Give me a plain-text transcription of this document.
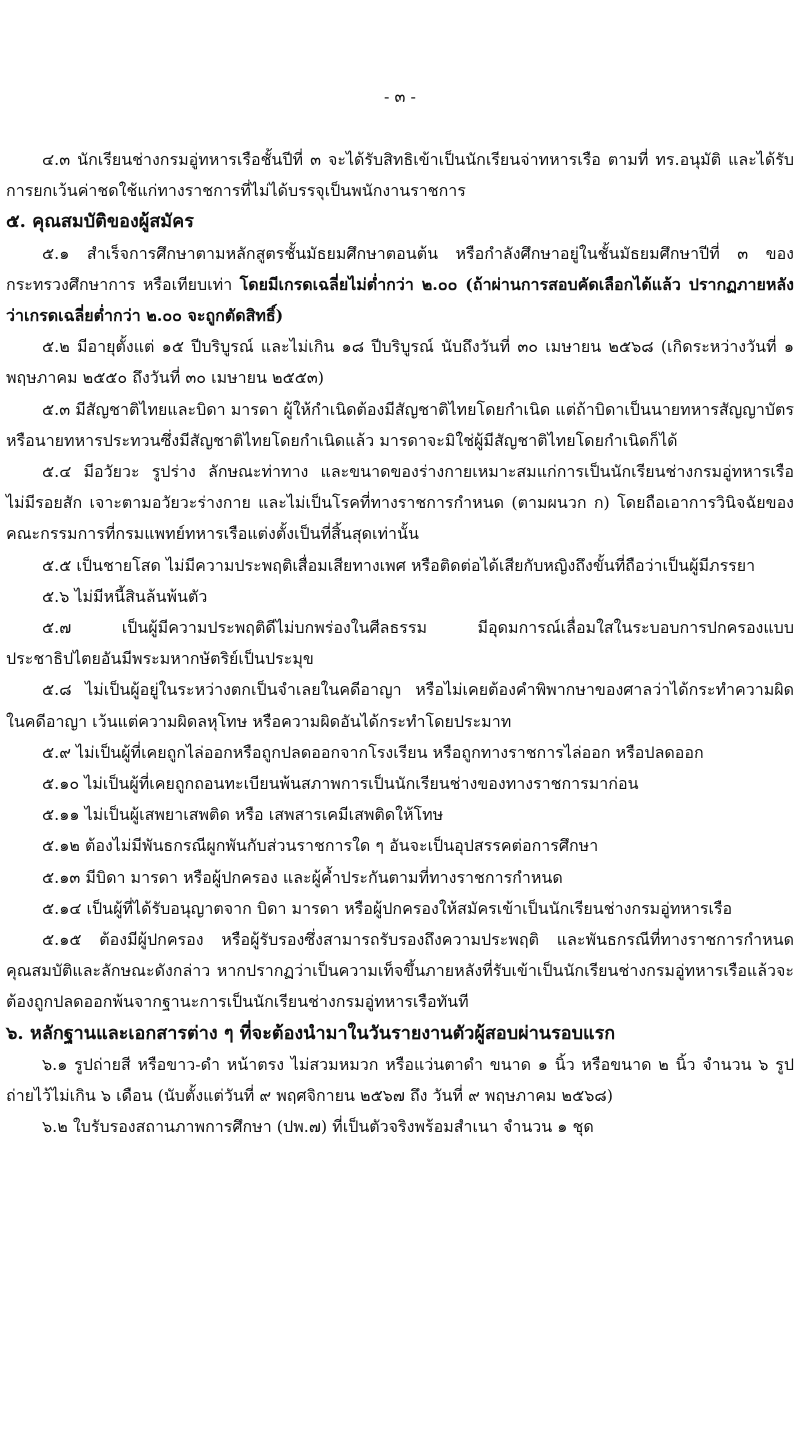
- ๓ -

๔.๓ นักเรียนช่างกรมอู่ทหารเรือชั้นปีที่ ๓ จะได้รับสิทธิเข้าเป็นนักเรียนจ่าทหารเรือ ตามที่ ทร.อนุมัติ และได้รับการยกเว้นค่าชดใช้แก่ทางราชการที่ไม่ได้บรรจุเป็นพนักงานราชการ

๕. คุณสมบัติของผู้สมัคร

๕.๑ สำเร็จการศึกษาตามหลักสูตรชั้นมัธยมศึกษาตอนต้น หรือกำลังศึกษาอยู่ในชั้นมัธยมศึกษาปีที่ ๓ ของกระทรวงศึกษาการ หรือเทียบเท่า โดยมีเกรดเฉลี่ยไม่ต่ำกว่า ๒.๐๐ (ถ้าผ่านการสอบคัดเลือกได้แล้ว ปรากฏภายหลังว่าเกรดเฉลี่ยต่ำกว่า ๒.๐๐ จะถูกตัดสิทธิ์)

๕.๒ มีอายุตั้งแต่ ๑๕ ปีบริบูรณ์ และไม่เกิน ๑๘ ปีบริบูรณ์ นับถึงวันที่ ๓๐ เมษายน ๒๕๖๘ (เกิดระหว่างวันที่ ๑ พฤษภาคม ๒๕๕๐ ถึงวันที่ ๓๐ เมษายน ๒๕๕๓)

๕.๓ มีสัญชาติไทยและบิดา มารดา ผู้ให้กำเนิดต้องมีสัญชาติไทยโดยกำเนิด แต่ถ้าบิดาเป็นนายทหารสัญญาบัตรหรือนายทหารประทวนซึ่งมีสัญชาติไทยโดยกำเนิดแล้ว มารดาจะมิใช่ผู้มีสัญชาติไทยโดยกำเนิดก็ได้

๕.๔ มีอวัยวะ รูปร่าง ลักษณะท่าทาง และขนาดของร่างกายเหมาะสมแก่การเป็นนักเรียนช่างกรมอู่ทหารเรือ ไม่มีรอยสัก เจาะตามอวัยวะร่างกาย และไม่เป็นโรคที่ทางราชการกำหนด (ตามผนวก ก) โดยถือเอาการวินิจฉัยของคณะกรรมการที่กรมแพทย์ทหารเรือแต่งตั้งเป็นที่สิ้นสุดเท่านั้น

๕.๕ เป็นชายโสด ไม่มีความประพฤติเสื่อมเสียทางเพศ หรือติดต่อได้เสียกับหญิงถึงขั้นที่ถือว่าเป็นผู้มีภรรยา

๕.๖ ไม่มีหนี้สินล้นพ้นตัว

๕.๗ เป็นผู้มีความประพฤติดีไม่บกพร่องในศีลธรรม มีอุดมการณ์เลื่อมใสในระบอบการปกครองแบบประชาธิปไตยอันมีพระมหากษัตริย์เป็นประมุข

๕.๘ ไม่เป็นผู้อยู่ในระหว่างตกเป็นจำเลยในคดีอาญา หรือไม่เคยต้องคำพิพากษาของศาลว่าได้กระทำความผิดในคดีอาญา เว้นแต่ความผิดลหุโทษ หรือความผิดอันได้กระทำโดยประมาท

๕.๙ ไม่เป็นผู้ที่เคยถูกไล่ออกหรือถูกปลดออกจากโรงเรียน หรือถูกทางราชการไล่ออก หรือปลดออก

๕.๑๐ ไม่เป็นผู้ที่เคยถูกถอนทะเบียนพ้นสภาพการเป็นนักเรียนช่างของทางราชการมาก่อน

๕.๑๑ ไม่เป็นผู้เสพยาเสพติด หรือ เสพสารเคมีเสพติดให้โทษ

๕.๑๒ ต้องไม่มีพันธกรณีผูกพันกับส่วนราชการใด ๆ อันจะเป็นอุปสรรคต่อการศึกษา

๕.๑๓ มีบิดา มารดา หรือผู้ปกครอง และผู้ค้ำประกันตามที่ทางราชการกำหนด

๕.๑๔ เป็นผู้ที่ได้รับอนุญาตจาก บิดา มารดา หรือผู้ปกครองให้สมัครเข้าเป็นนักเรียนช่างกรมอู่ทหารเรือ

๕.๑๕ ต้องมีผู้ปกครอง หรือผู้รับรองซึ่งสามารถรับรองถึงความประพฤติ และพันธกรณีที่ทางราชการกำหนดคุณสมบัติและลักษณะดังกล่าว หากปรากฏว่าเป็นความเท็จขึ้นภายหลังที่รับเข้าเป็นนักเรียนช่างกรมอู่ทหารเรือแล้วจะต้องถูกปลดออกพ้นจากฐานะการเป็นนักเรียนช่างกรมอู่ทหารเรือทันที

๖. หลักฐานและเอกสารต่าง ๆ ที่จะต้องนำมาในวันรายงานตัวผู้สอบผ่านรอบแรก

๖.๑ รูปถ่ายสี หรือขาว-ดำ หน้าตรง ไม่สวมหมวก หรือแว่นตาดำ ขนาด ๑ นิ้ว หรือขนาด ๒ นิ้ว จำนวน ๖ รูป ถ่ายไว้ไม่เกิน ๖ เดือน (นับตั้งแต่วันที่ ๙ พฤศจิกายน ๒๕๖๗ ถึง วันที่ ๙ พฤษภาคม ๒๕๖๘)

๖.๒ ใบรับรองสถานภาพการศึกษา (ปพ.๗) ที่เป็นตัวจริงพร้อมสำเนา จำนวน ๑ ชุด
